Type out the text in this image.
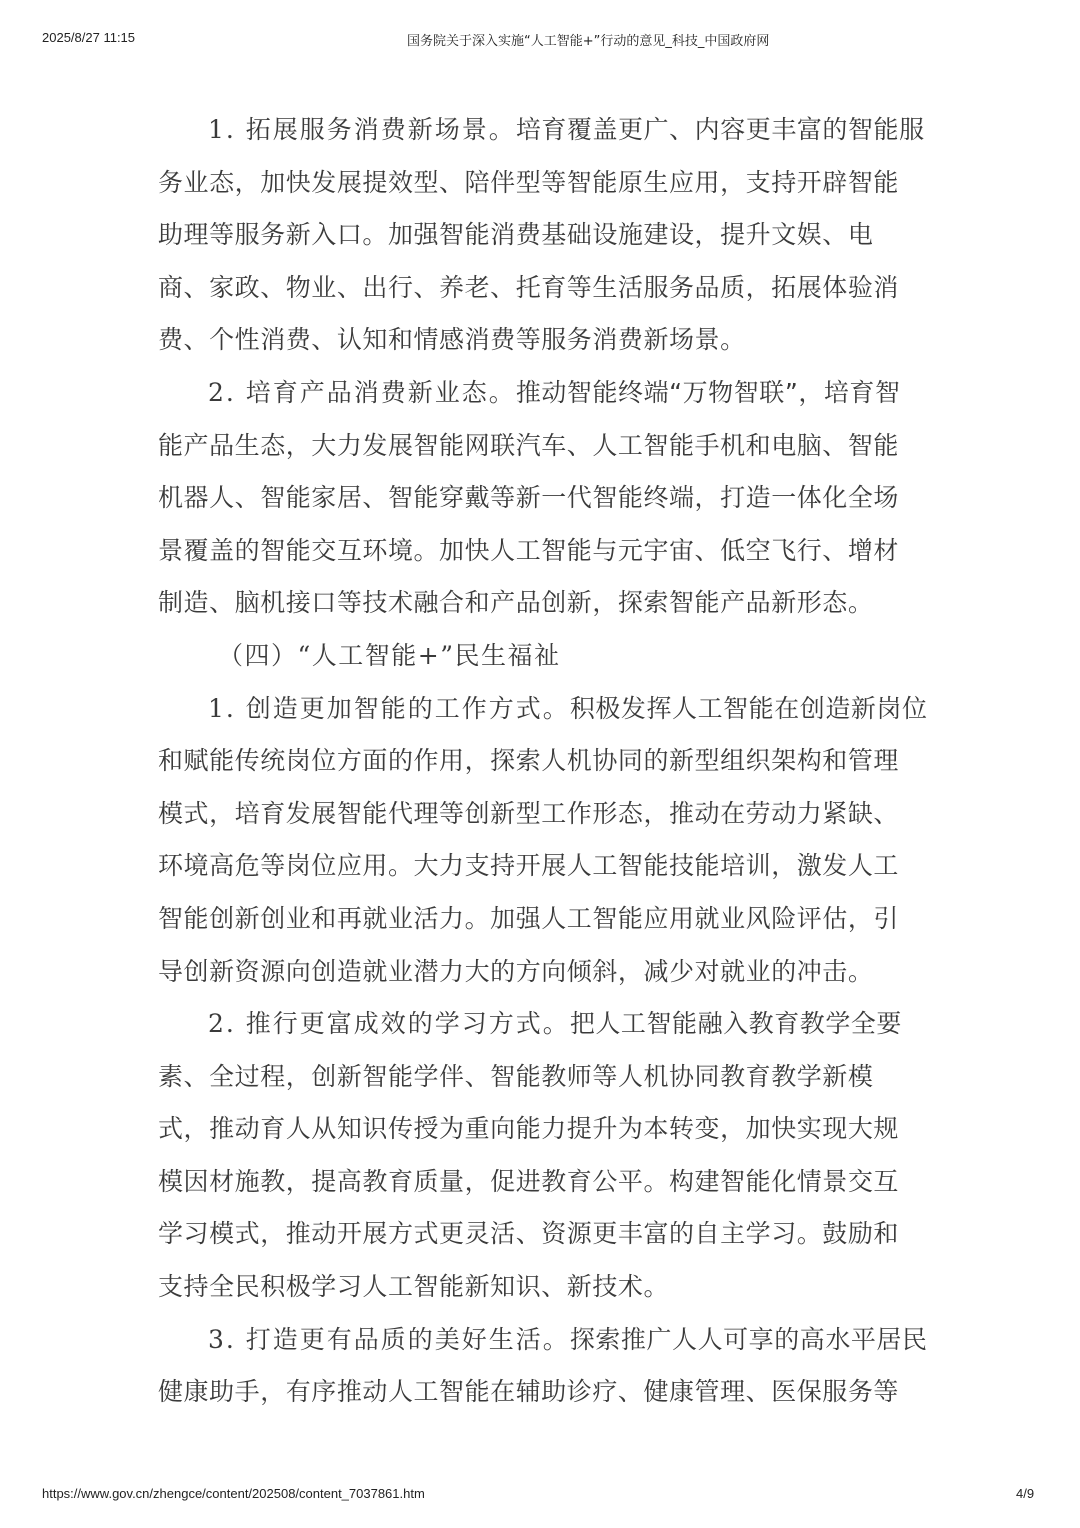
2025/8/27 11:15	国务院关于深入实施“人工智能+”行动的意见_科技_中国政府网
1. 拓展服务消费新场景。培育覆盖更广、内容更丰富的智能服
务业态，加快发展提效型、陪伴型等智能原生应用，支持开辟智能
助理等服务新入口。加强智能消费基础设施建设，提升文娱、电
商、家政、物业、出行、养老、托育等生活服务品质，拓展体验消
费、个性消费、认知和情感消费等服务消费新场景。
2. 培育产品消费新业态。推动智能终端“万物智联”，培育智
能产品生态，大力发展智能网联汽车、人工智能手机和电脑、智能
机器人、智能家居、智能穿戴等新一代智能终端，打造一体化全场
景覆盖的智能交互环境。加快人工智能与元宇宙、低空飞行、增材
制造、脑机接口等技术融合和产品创新，探索智能产品新形态。
（四）“人工智能+”民生福祉
1. 创造更加智能的工作方式。积极发挥人工智能在创造新岗位
和赋能传统岗位方面的作用，探索人机协同的新型组织架构和管理
模式，培育发展智能代理等创新型工作形态，推动在劳动力紧缺、
环境高危等岗位应用。大力支持开展人工智能技能培训，激发人工
智能创新创业和再就业活力。加强人工智能应用就业风险评估，引
导创新资源向创造就业潜力大的方向倾斜，减少对就业的冲击。
2. 推行更富成效的学习方式。把人工智能融入教育教学全要
素、全过程，创新智能学伴、智能教师等人机协同教育教学新模
式，推动育人从知识传授为重向能力提升为本转变，加快实现大规
模因材施教，提高教育质量，促进教育公平。构建智能化情景交互
学习模式，推动开展方式更灵活、资源更丰富的自主学习。鼓励和
支持全民积极学习人工智能新知识、新技术。
3. 打造更有品质的美好生活。探索推广人人可享的高水平居民
健康助手，有序推动人工智能在辅助诊疗、健康管理、医保服务等
https://www.gov.cn/zhengce/content/202508/content_7037861.htm	4/9
